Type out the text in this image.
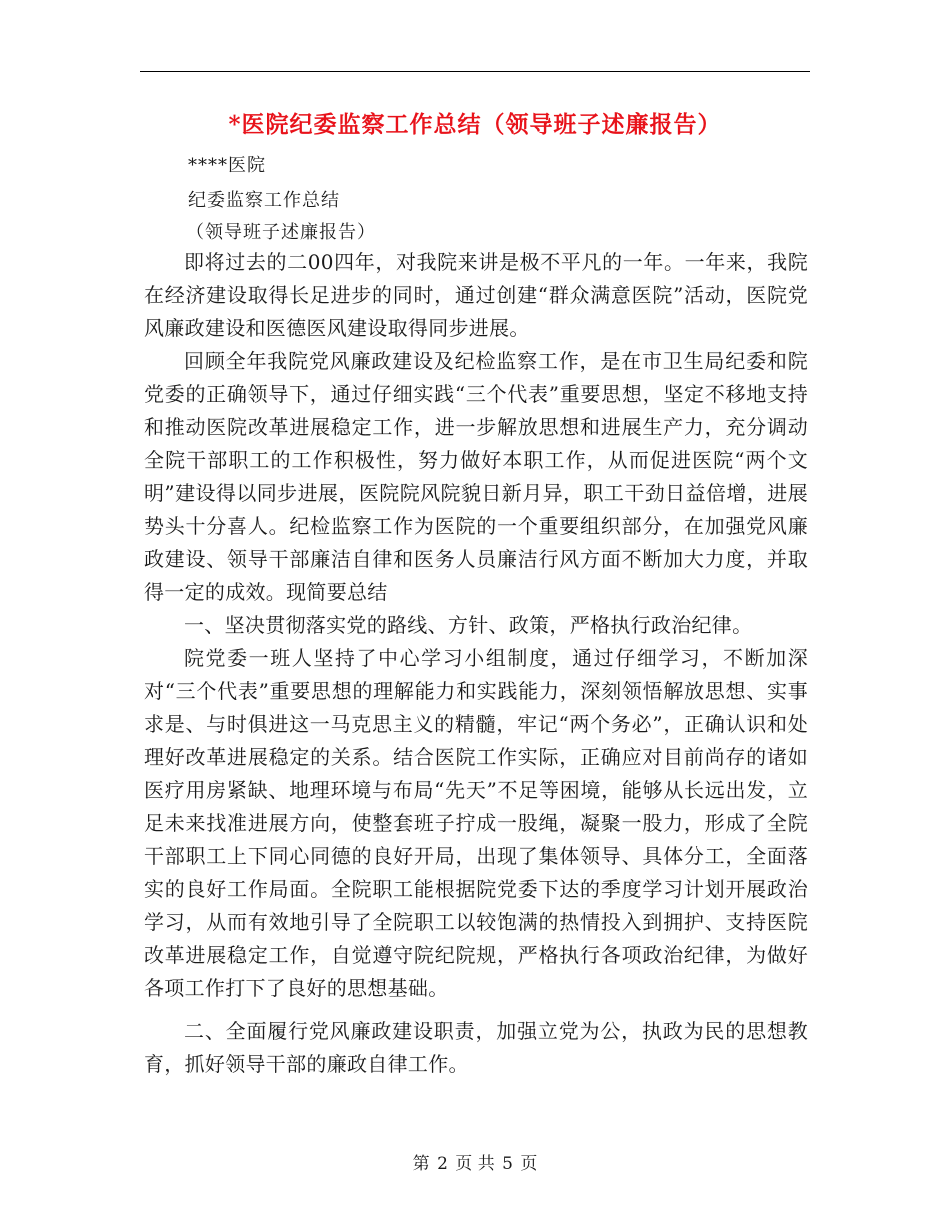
*医院纪委监察工作总结（领导班子述廉报告）
****医院
纪委监察工作总结
（领导班子述廉报告）

即将过去的二00四年，对我院来讲是极不平凡的一年。一年来，我院在经济建设取得长足进步的同时，通过创建“群众满意医院”活动，医院党风廉政建设和医德医风建设取得同步进展。

回顾全年我院党风廉政建设及纪检监察工作，是在市卫生局纪委和院党委的正确领导下，通过仔细实践“三个代表”重要思想，坚定不移地支持和推动医院改革进展稳定工作，进一步解放思想和进展生产力，充分调动全院干部职工的工作积极性，努力做好本职工作，从而促进医院“两个文明”建设得以同步进展，医院院风院貌日新月异，职工干劲日益倍增，进展势头十分喜人。纪检监察工作为医院的一个重要组织部分，在加强党风廉政建设、领导干部廉洁自律和医务人员廉洁行风方面不断加大力度，并取得一定的成效。现简要总结

一、坚决贯彻落实党的路线、方针、政策，严格执行政治纪律。

院党委一班人坚持了中心学习小组制度，通过仔细学习，不断加深对“三个代表”重要思想的理解能力和实践能力，深刻领悟解放思想、实事求是、与时俱进这一马克思主义的精髓，牢记“两个务必”，正确认识和处理好改革进展稳定的关系。结合医院工作实际，正确应对目前尚存的诸如医疗用房紧缺、地理环境与布局“先天”不足等困境，能够从长远出发，立足未来找准进展方向，使整套班子拧成一股绳，凝聚一股力，形成了全院干部职工上下同心同德的良好开局，出现了集体领导、具体分工，全面落实的良好工作局面。全院职工能根据院党委下达的季度学习计划开展政治学习，从而有效地引导了全院职工以较饱满的热情投入到拥护、支持医院改革进展稳定工作，自觉遵守院纪院规，严格执行各项政治纪律，为做好各项工作打下了良好的思想基础。

二、全面履行党风廉政建设职责，加强立党为公，执政为民的思想教育，抓好领导干部的廉政自律工作。

第 2 页 共 5 页
